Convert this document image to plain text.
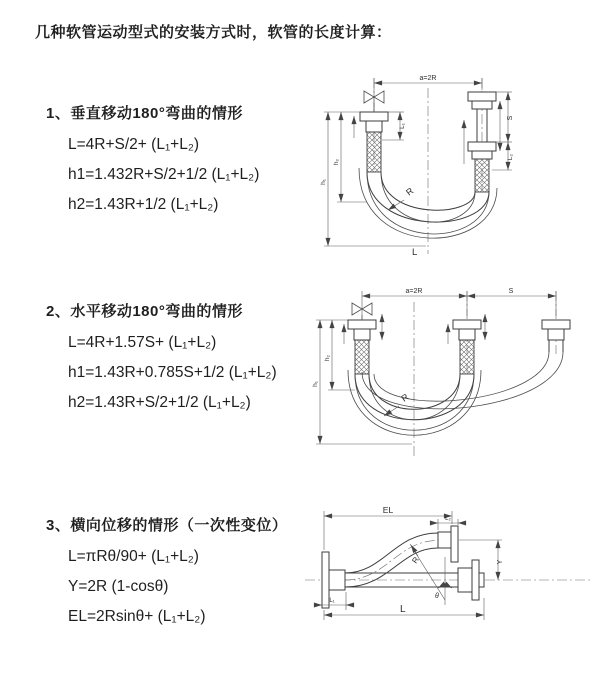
几种软管运动型式的安装方式时，软管的长度计算：
1、垂直移动180°弯曲的情形
L=4R+S/2+ (L₁+L₂)
h1=1.432R+S/2+1/2 (L₁+L₂)
h2=1.43R+1/2 (L₁+L₂)
2、水平移动180°弯曲的情形
L=4R+1.57S+ (L₁+L₂)
h1=1.43R+0.785S+1/2 (L₁+L₂)
h2=1.43R+S/2+1/2 (L₁+L₂)
3、横向位移的情形（一次性变位）
L=πRθ/90+ (L₁+L₂)
Y=2R (1-cosθ)
EL=2Rsinθ+ (L₁+L₂)
a=2R
L₁
S
L₂
h₁
h₂
R
L
a=2R	S
h₁
h₂
R
EL
L₂
Y
θ
R
L
L₁
